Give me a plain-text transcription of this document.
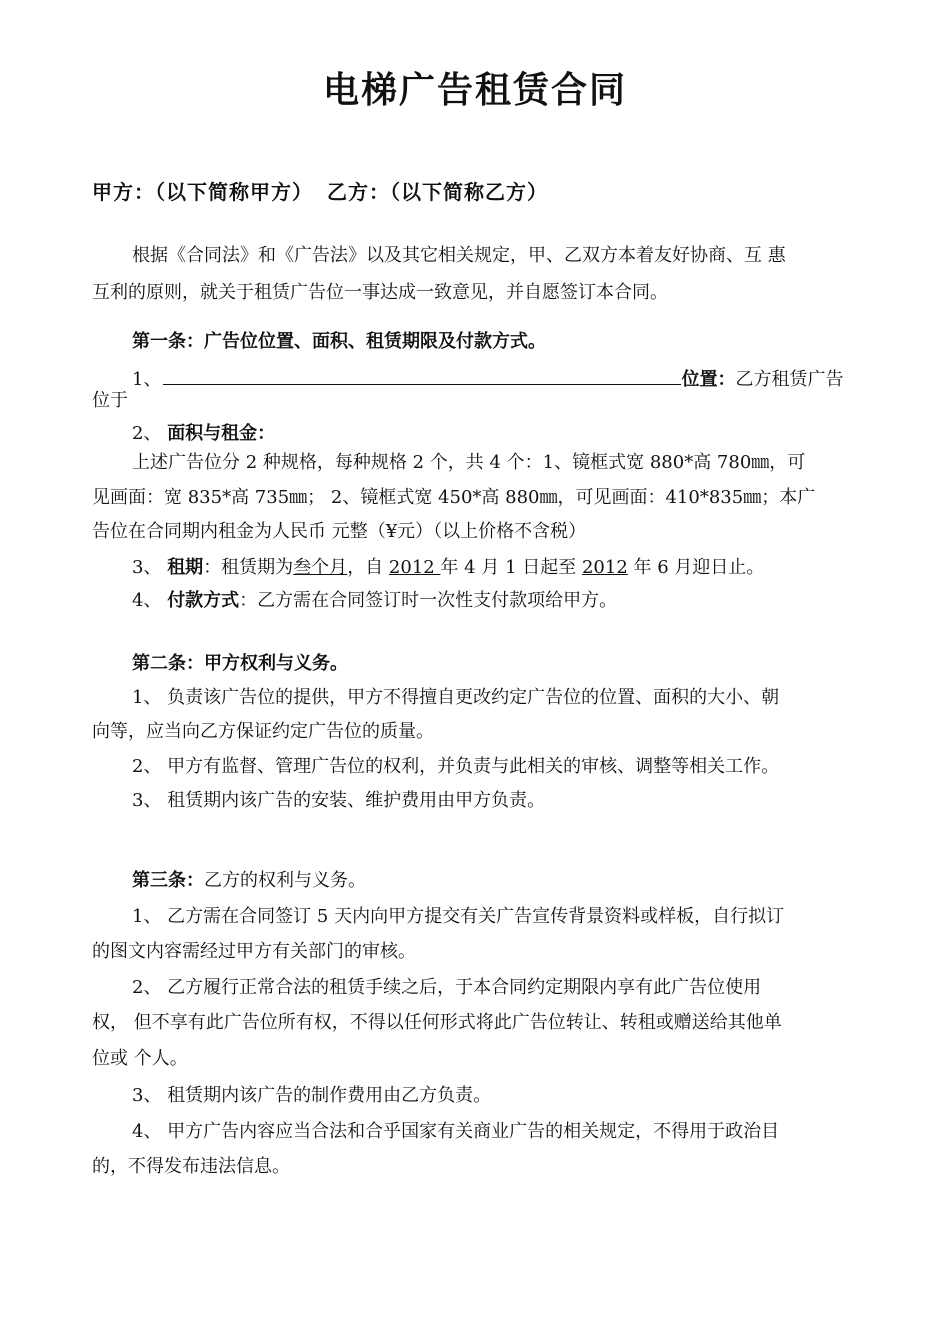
电梯广告租赁合同
甲方：（以下简称甲方） 乙方：（以下简称乙方）
根据《合同法》和《广告法》以及其它相关规定，甲、乙双方本着友好协商、互 惠
互利的原则，就关于租赁广告位一事达成一致意见，并自愿签订本合同。
第一条：广告位位置、面积、租赁期限及付款方式。
1、	位置：乙方租赁广告
位于
2、 面积与租金：
上述广告位分 2 种规格，每种规格 2 个，共 4 个：1、镜框式宽 880*高 780㎜，可
见画面：宽 835*高 735㎜； 2、镜框式宽 450*高 880㎜，可见画面：410*835㎜；本广
告位在合同期内租金为人民币 元整（¥元）（以上价格不含税）
3、 租期：租赁期为叁个月，自 2012 年 4 月 1 日起至 2012 年 6 月迎日止。
4、 付款方式：乙方需在合同签订时一次性支付款项给甲方。
第二条：甲方权利与义务。
1、 负责该广告位的提供，甲方不得擅自更改约定广告位的位置、面积的大小、朝
向等，应当向乙方保证约定广告位的质量。
2、 甲方有监督、管理广告位的权利，并负责与此相关的审核、调整等相关工作。
3、 租赁期内该广告的安装、维护费用由甲方负责。
第三条：乙方的权利与义务。
1、 乙方需在合同签订 5 天内向甲方提交有关广告宣传背景资料或样板，自行拟订
的图文内容需经过甲方有关部门的审核。
2、 乙方履行正常合法的租赁手续之后，于本合同约定期限内享有此广告位使用
权， 但不享有此广告位所有权，不得以任何形式将此广告位转让、转租或赠送给其他单
位或 个人。
3、 租赁期内该广告的制作费用由乙方负责。
4、 甲方广告内容应当合法和合乎国家有关商业广告的相关规定，不得用于政治目
的，不得发布违法信息。
